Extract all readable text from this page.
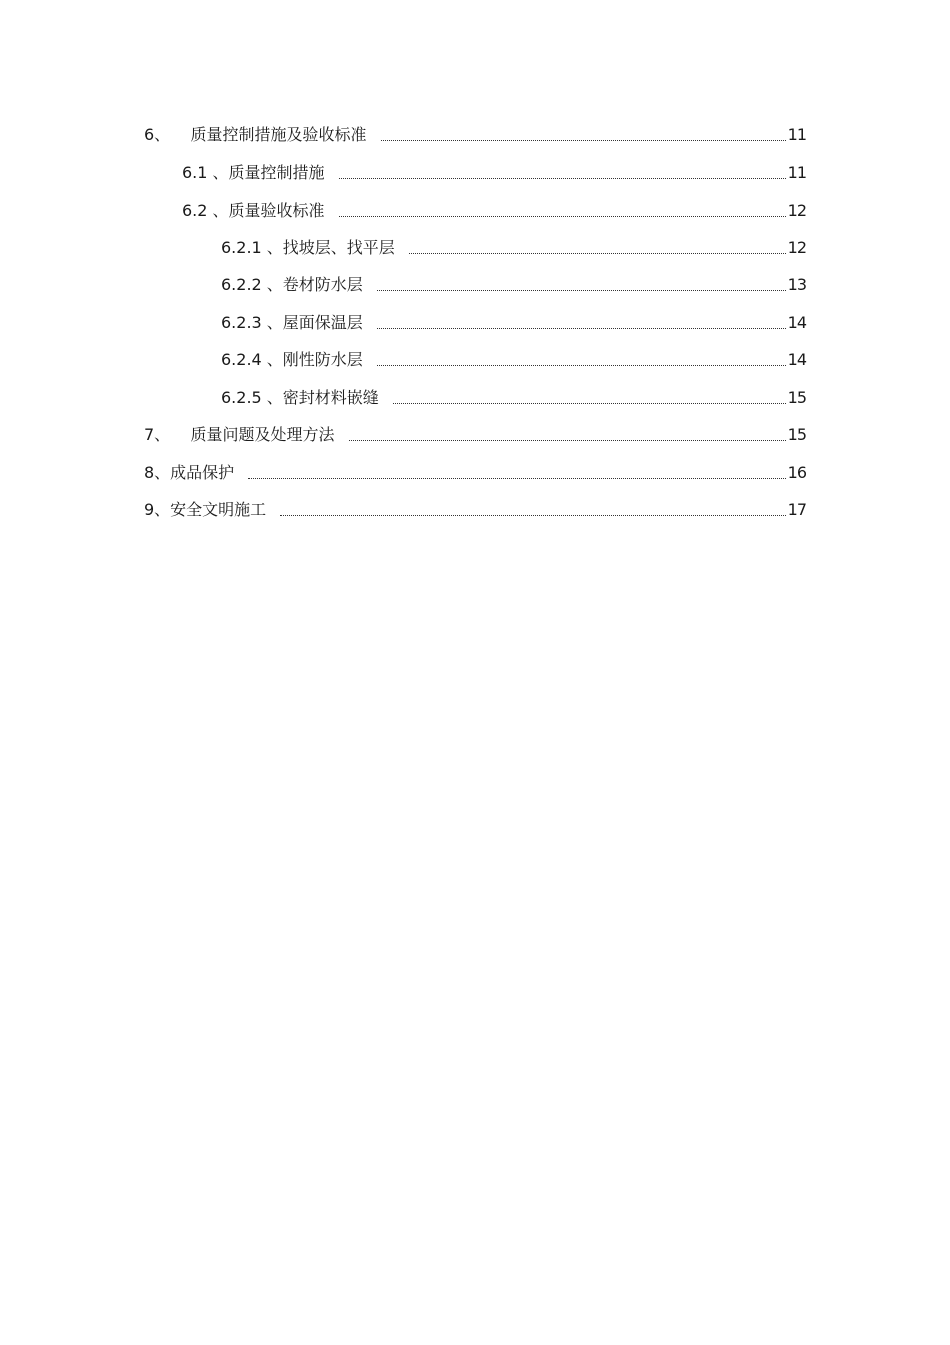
6、    质量控制措施及验收标准	11
6.1 、质量控制措施	11
6.2 、质量验收标准	12
6.2.1 、找坡层、找平层	12
6.2.2 、卷材防水层	13
6.2.3 、屋面保温层	14
6.2.4 、刚性防水层	14
6.2.5 、密封材料嵌缝	15
7、    质量问题及处理方法	15
8、成品保护	16
9、安全文明施工	17
